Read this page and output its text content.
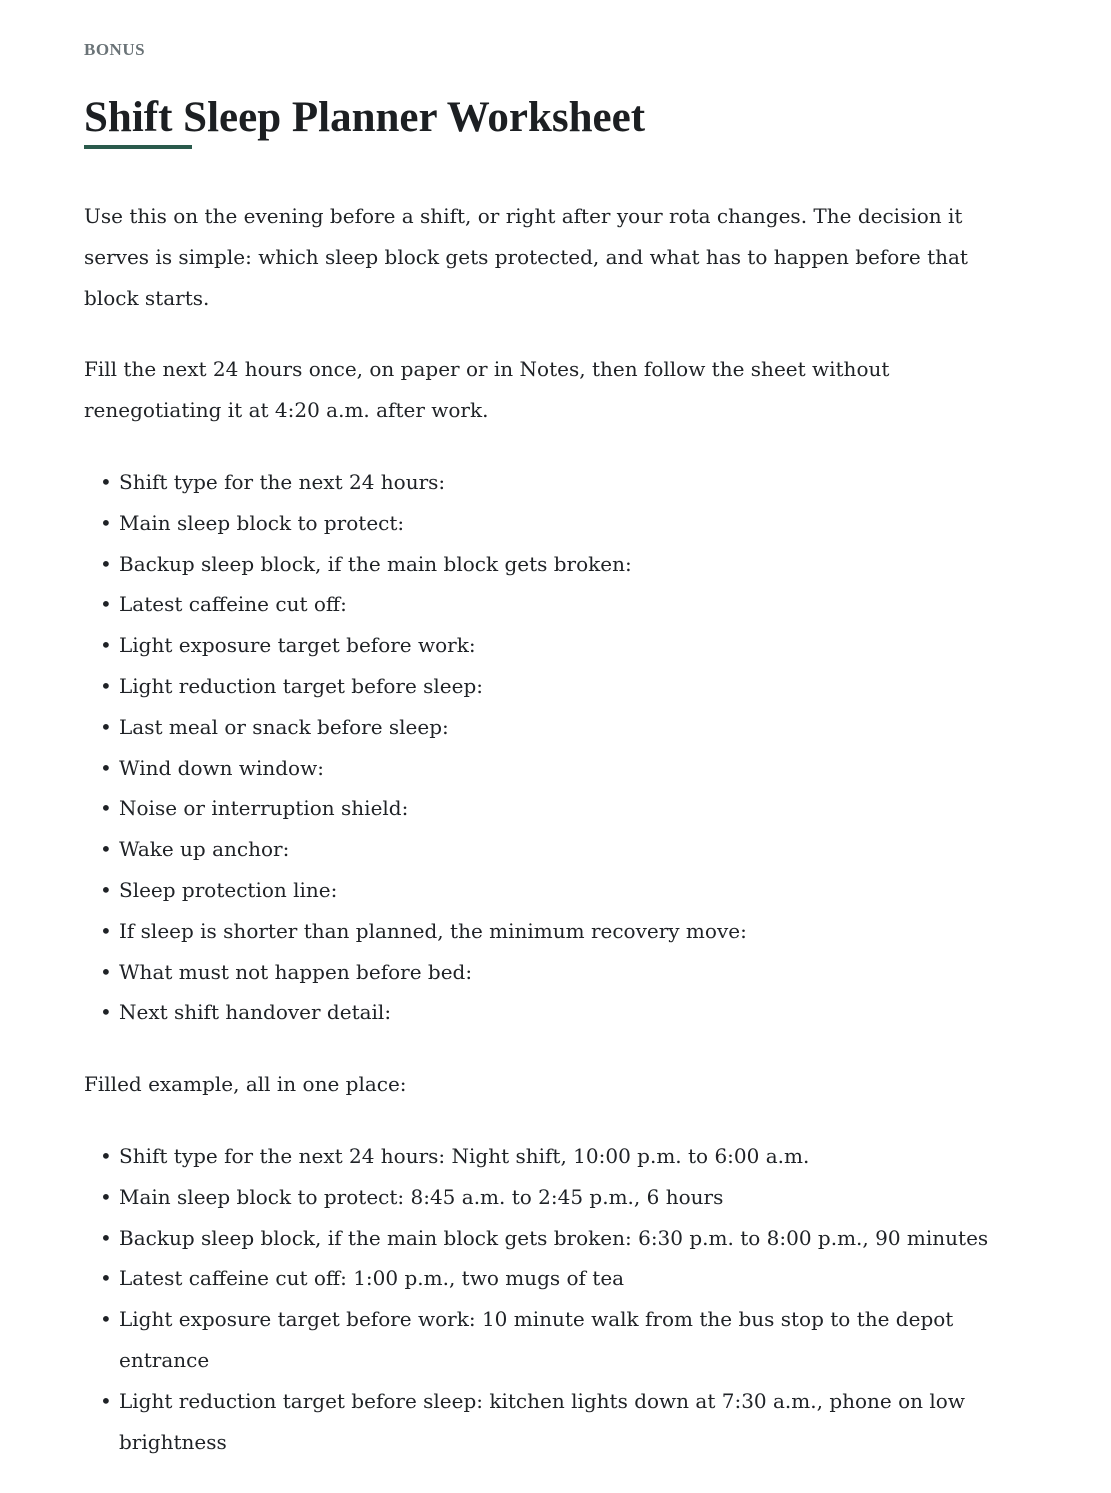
BONUS
Shift Sleep Planner Worksheet

Use this on the evening before a shift, or right after your rota changes. The decision it serves is simple: which sleep block gets protected, and what has to happen before that block starts.

Fill the next 24 hours once, on paper or in Notes, then follow the sheet without renegotiating it at 4:20 a.m. after work.

• Shift type for the next 24 hours:
• Main sleep block to protect:
• Backup sleep block, if the main block gets broken:
• Latest caffeine cut off:
• Light exposure target before work:
• Light reduction target before sleep:
• Last meal or snack before sleep:
• Wind down window:
• Noise or interruption shield:
• Wake up anchor:
• Sleep protection line:
• If sleep is shorter than planned, the minimum recovery move:
• What must not happen before bed:
• Next shift handover detail:

Filled example, all in one place:

• Shift type for the next 24 hours: Night shift, 10:00 p.m. to 6:00 a.m.
• Main sleep block to protect: 8:45 a.m. to 2:45 p.m., 6 hours
• Backup sleep block, if the main block gets broken: 6:30 p.m. to 8:00 p.m., 90 minutes
• Latest caffeine cut off: 1:00 p.m., two mugs of tea
• Light exposure target before work: 10 minute walk from the bus stop to the depot entrance
• Light reduction target before sleep: kitchen lights down at 7:30 a.m., phone on low brightness
